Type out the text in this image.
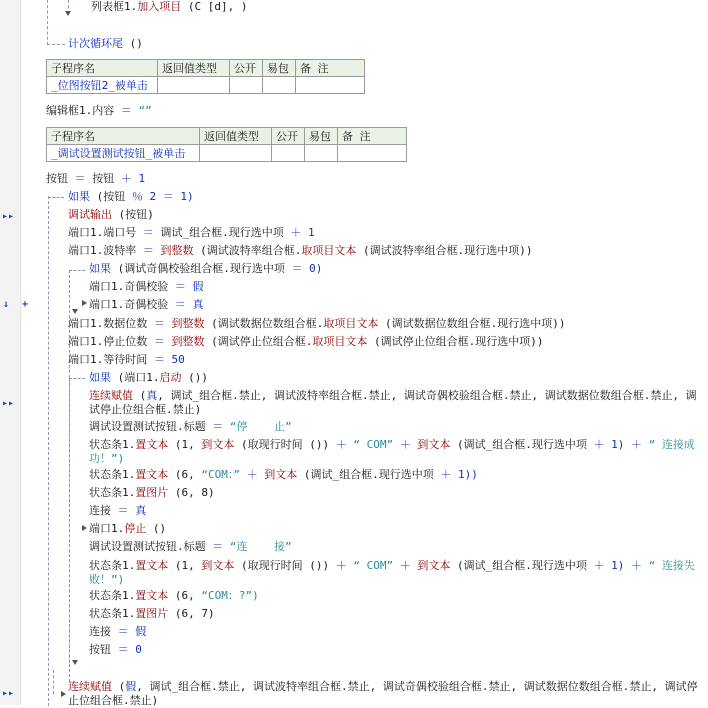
▸▸
↓
▸▸
▸▸
+
列表框1.加入项目 (C [d], )
计次循环尾 ()
子程序名	返回值类型	公开	易包	备 注
_位图按钮2_被单击				
编辑框1.内容 ＝ “”
子程序名	返回值类型	公开	易包	备 注
_调试设置测试按钮_被单击				
按钮 ＝ 按钮 ＋ 1
如果 (按钮 ％ 2 ＝ 1)
调试输出 (按钮)
端口1.端口号 ＝ 调试_组合框.现行选中项 ＋ 1
端口1.波特率 ＝ 到整数 (调试波特率组合框.取项目文本 (调试波特率组合框.现行选中项))
如果 (调试奇偶校验组合框.现行选中项 ＝ 0)
端口1.奇偶校验 ＝ 假
端口1.奇偶校验 ＝ 真
端口1.数据位数 ＝ 到整数 (调试数据位数组合框.取项目文本 (调试数据位数组合框.现行选中项))
端口1.停止位数 ＝ 到整数 (调试停止位组合框.取项目文本 (调试停止位组合框.现行选中项))
端口1.等待时间 ＝ 50
如果 (端口1.启动 ())
连续赋值 (真, 调试_组合框.禁止, 调试波特率组合框.禁止, 调试奇偶校验组合框.禁止, 调试数据位数组合框.禁止, 调试停止位组合框.禁止)
调试设置测试按钮.标题 ＝ “停    止”
状态条1.置文本 (1, 到文本 (取现行时间 ()) ＋ “ COM” ＋ 到文本 (调试_组合框.现行选中项 ＋ 1) ＋ “ 连接成功！”)
状态条1.置文本 (6, “COM：” ＋ 到文本 (调试_组合框.现行选中项 ＋ 1))
状态条1.置图片 (6, 8)
连接 ＝ 真
端口1.停止 ()
调试设置测试按钮.标题 ＝ “连    接”
状态条1.置文本 (1, 到文本 (取现行时间 ()) ＋ “ COM” ＋ 到文本 (调试_组合框.现行选中项 ＋ 1) ＋ “ 连接失败！”)
状态条1.置文本 (6, “COM：?”)
状态条1.置图片 (6, 7)
连接 ＝ 假
按钮 ＝ 0
连续赋值 (假, 调试_组合框.禁止, 调试波特率组合框.禁止, 调试奇偶校验组合框.禁止, 调试数据位数组合框.禁止, 调试停止位组合框.禁止)
